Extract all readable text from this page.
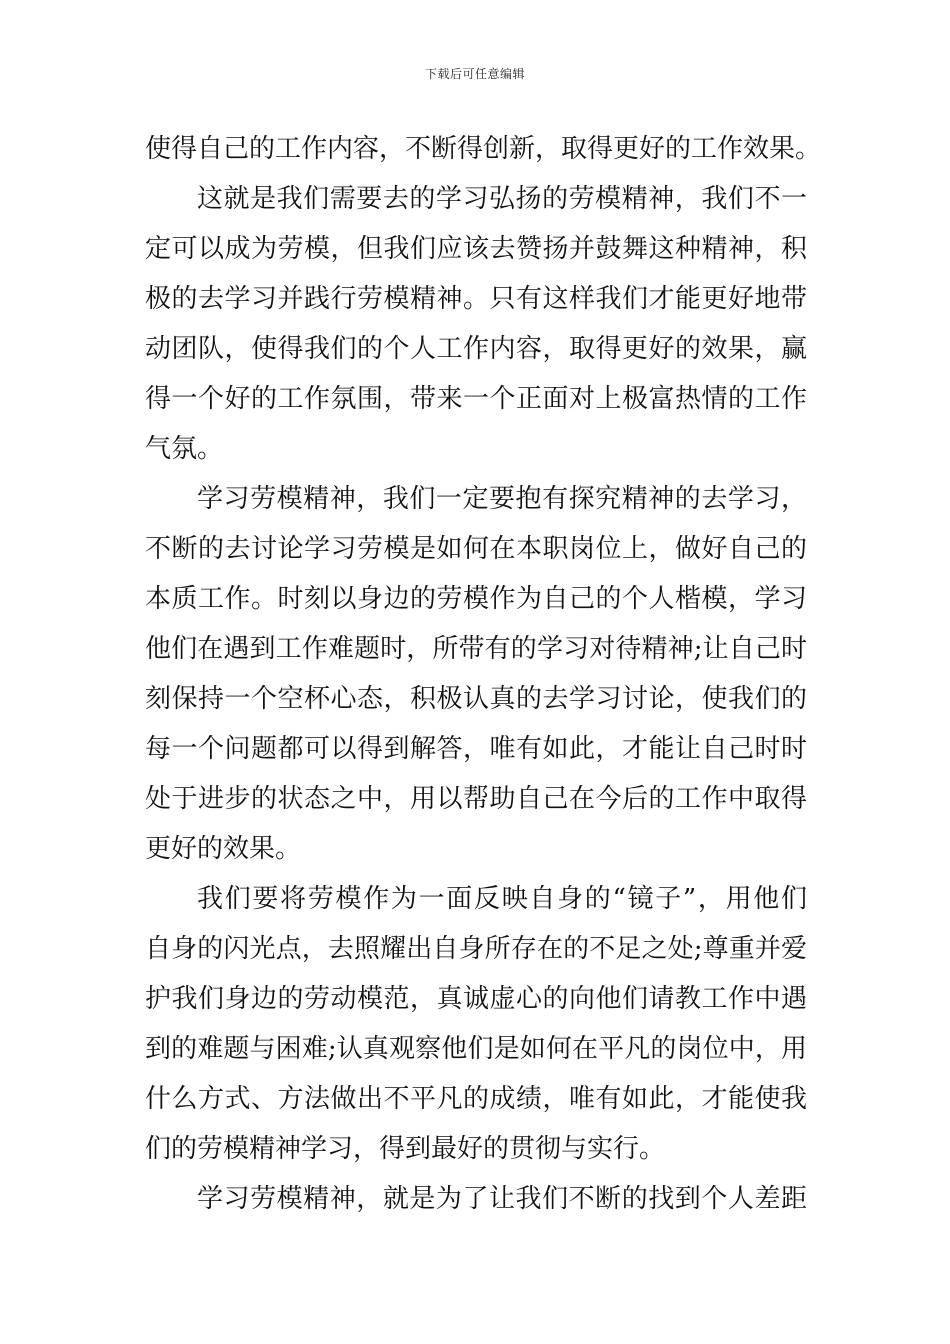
下载后可任意编辑
使得自己的工作内容，不断得创新，取得更好的工作效果。
这就是我们需要去的学习弘扬的劳模精神，我们不一
定可以成为劳模，但我们应该去赞扬并鼓舞这种精神，积
极的去学习并践行劳模精神。只有这样我们才能更好地带
动团队，使得我们的个人工作内容，取得更好的效果，赢
得一个好的工作氛围，带来一个正面对上极富热情的工作
气氛。
学习劳模精神，我们一定要抱有探究精神的去学习，
不断的去讨论学习劳模是如何在本职岗位上，做好自己的
本质工作。时刻以身边的劳模作为自己的个人楷模，学习
他们在遇到工作难题时，所带有的学习对待精神;让自己时
刻保持一个空杯心态，积极认真的去学习讨论，使我们的
每一个问题都可以得到解答，唯有如此，才能让自己时时
处于进步的状态之中，用以帮助自己在今后的工作中取得
更好的效果。
我们要将劳模作为一面反映自身的“镜子”，用他们
自身的闪光点，去照耀出自身所存在的不足之处;尊重并爱
护我们身边的劳动模范，真诚虚心的向他们请教工作中遇
到的难题与困难;认真观察他们是如何在平凡的岗位中，用
什么方式、方法做出不平凡的成绩，唯有如此，才能使我
们的劳模精神学习，得到最好的贯彻与实行。
学习劳模精神，就是为了让我们不断的找到个人差距
